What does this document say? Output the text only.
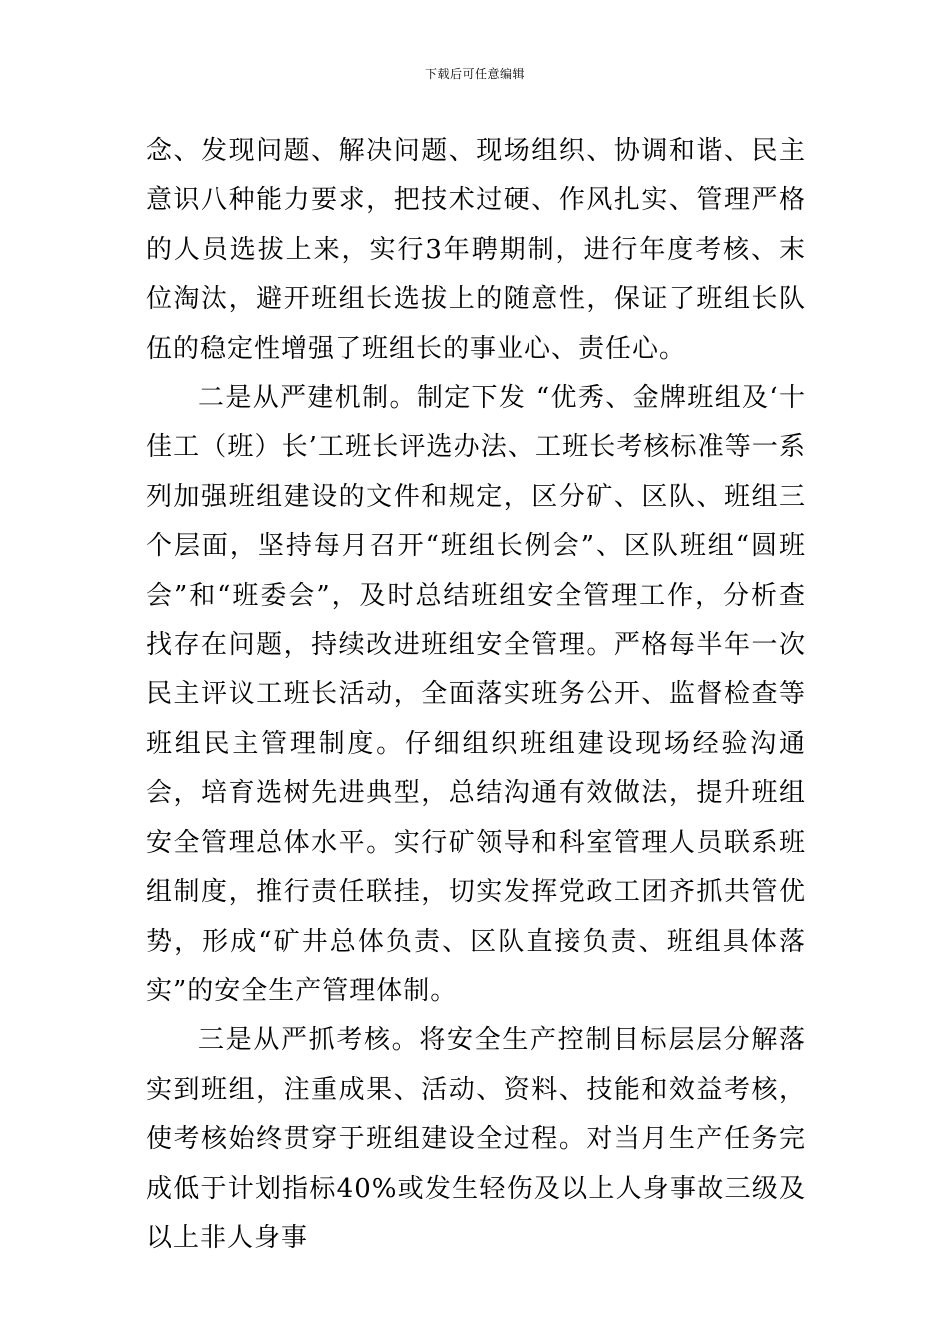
下载后可任意编辑

念、发现问题、解决问题、现场组织、协调和谐、民主意识八种能力要求，把技术过硬、作风扎实、管理严格的人员选拔上来，实行3年聘期制，进行年度考核、末位淘汰，避开班组长选拔上的随意性，保证了班组长队伍的稳定性增强了班组长的事业心、责任心。

二是从严建机制。制定下发 “优秀、金牌班组及‘十佳工（班）长’工班长评选办法、工班长考核标准等一系列加强班组建设的文件和规定，区分矿、区队、班组三个层面，坚持每月召开“班组长例会”、区队班组“圆班会”和“班委会”，及时总结班组安全管理工作，分析查找存在问题，持续改进班组安全管理。严格每半年一次民主评议工班长活动，全面落实班务公开、监督检查等班组民主管理制度。仔细组织班组建设现场经验沟通会，培育选树先进典型，总结沟通有效做法，提升班组安全管理总体水平。实行矿领导和科室管理人员联系班组制度，推行责任联挂，切实发挥党政工团齐抓共管优势，形成“矿井总体负责、区队直接负责、班组具体落实”的安全生产管理体制。

三是从严抓考核。将安全生产控制目标层层分解落实到班组，注重成果、活动、资料、技能和效益考核，使考核始终贯穿于班组建设全过程。对当月生产任务完成低于计划指标40%或发生轻伤及以上人身事故三级及以上非人身事
